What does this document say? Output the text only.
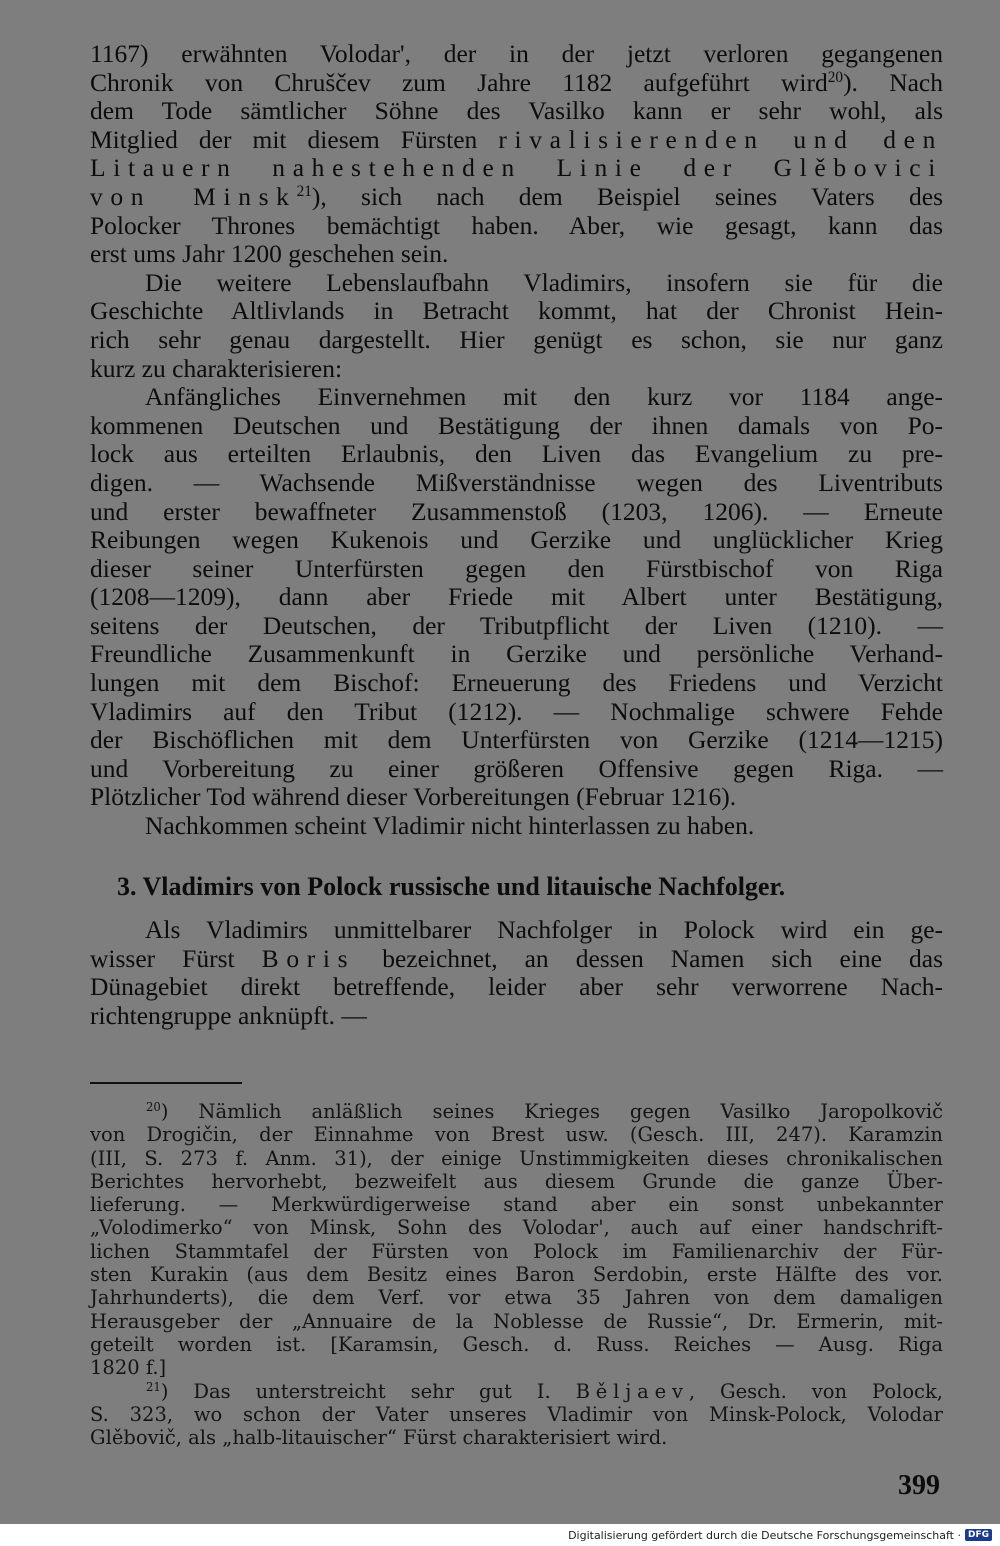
1167) erwähnten Volodar', der in der jetzt verloren gegangenen
Chronik von Chruščev zum Jahre 1182 aufgeführt wird$^{20}$). Nach
dem Tode sämtlicher Söhne des Vasilko kann er sehr wohl, als
Mitglied der mit diesem Fürsten rivalisierenden und den
Litauern nahestehenden Linie der Glěbovici
von Minsk$^{21}$), sich nach dem Beispiel seines Vaters des
Polocker Thrones bemächtigt haben. Aber, wie gesagt, kann das
erst ums Jahr 1200 geschehen sein.

Die weitere Lebenslaufbahn Vladimirs, insofern sie für die
Geschichte Altlivlands in Betracht kommt, hat der Chronist Hein-
rich sehr genau dargestellt. Hier genügt es schon, sie nur ganz
kurz zu charakterisieren:

Anfängliches Einvernehmen mit den kurz vor 1184 ange-
kommenen Deutschen und Bestätigung der ihnen damals von Po-
lock aus erteilten Erlaubnis, den Liven das Evangelium zu pre-
digen. — Wachsende Mißverständnisse wegen des Liventributs
und erster bewaffneter Zusammenstoß (1203, 1206). — Erneute
Reibungen wegen Kukenois und Gerzike und unglücklicher Krieg
dieser seiner Unterfürsten gegen den Fürstbischof von Riga
(1208—1209), dann aber Friede mit Albert unter Bestätigung,
seitens der Deutschen, der Tributpflicht der Liven (1210). —
Freundliche Zusammenkunft in Gerzike und persönliche Verhand-
lungen mit dem Bischof: Erneuerung des Friedens und Verzicht
Vladimirs auf den Tribut (1212). — Nochmalige schwere Fehde
der Bischöflichen mit dem Unterfürsten von Gerzike (1214—1215)
und Vorbereitung zu einer größeren Offensive gegen Riga. —
Plötzlicher Tod während dieser Vorbereitungen (Februar 1216).

Nachkommen scheint Vladimir nicht hinterlassen zu haben.

3. Vladimirs von Polock russische und litauische Nachfolger.

Als Vladimirs unmittelbarer Nachfolger in Polock wird ein ge-
wisser Fürst Boris bezeichnet, an dessen Namen sich eine das
Dünagebiet direkt betreffende, leider aber sehr verworrene Nach-
richtengruppe anknüpft. —

$^{20}$) Nämlich anläßlich seines Krieges gegen Vasilko Jaropolkovič
von Drogičin, der Einnahme von Brest usw. (Gesch. III, 247). Karamzin
(III, S. 273 f. Anm. 31), der einige Unstimmigkeiten dieses chronikalischen
Berichtes hervorhebt, bezweifelt aus diesem Grunde die ganze Über-
lieferung. — Merkwürdigerweise stand aber ein sonst unbekannter
„Volodimerko“ von Minsk, Sohn des Volodar', auch auf einer handschrift-
lichen Stammtafel der Fürsten von Polock im Familienarchiv der Für-
sten Kurakin (aus dem Besitz eines Baron Serdobin, erste Hälfte des vor.
Jahrhunderts), die dem Verf. vor etwa 35 Jahren von dem damaligen
Herausgeber der „Annuaire de la Noblesse de Russie“, Dr. Ermerin, mit-
geteilt worden ist. [Karamsin, Gesch. d. Russ. Reiches — Ausg. Riga
1820 f.]
$^{21}$) Das unterstreicht sehr gut I. Běljaev, Gesch. von Polock,
S. 323, wo schon der Vater unseres Vladimir von Minsk-Polock, Volodar
Glěbovič, als „halb-litauischer“ Fürst charakterisiert wird.
399
Digitalisierung gefördert durch die Deutsche Forschungsgemeinschaft · DFG
